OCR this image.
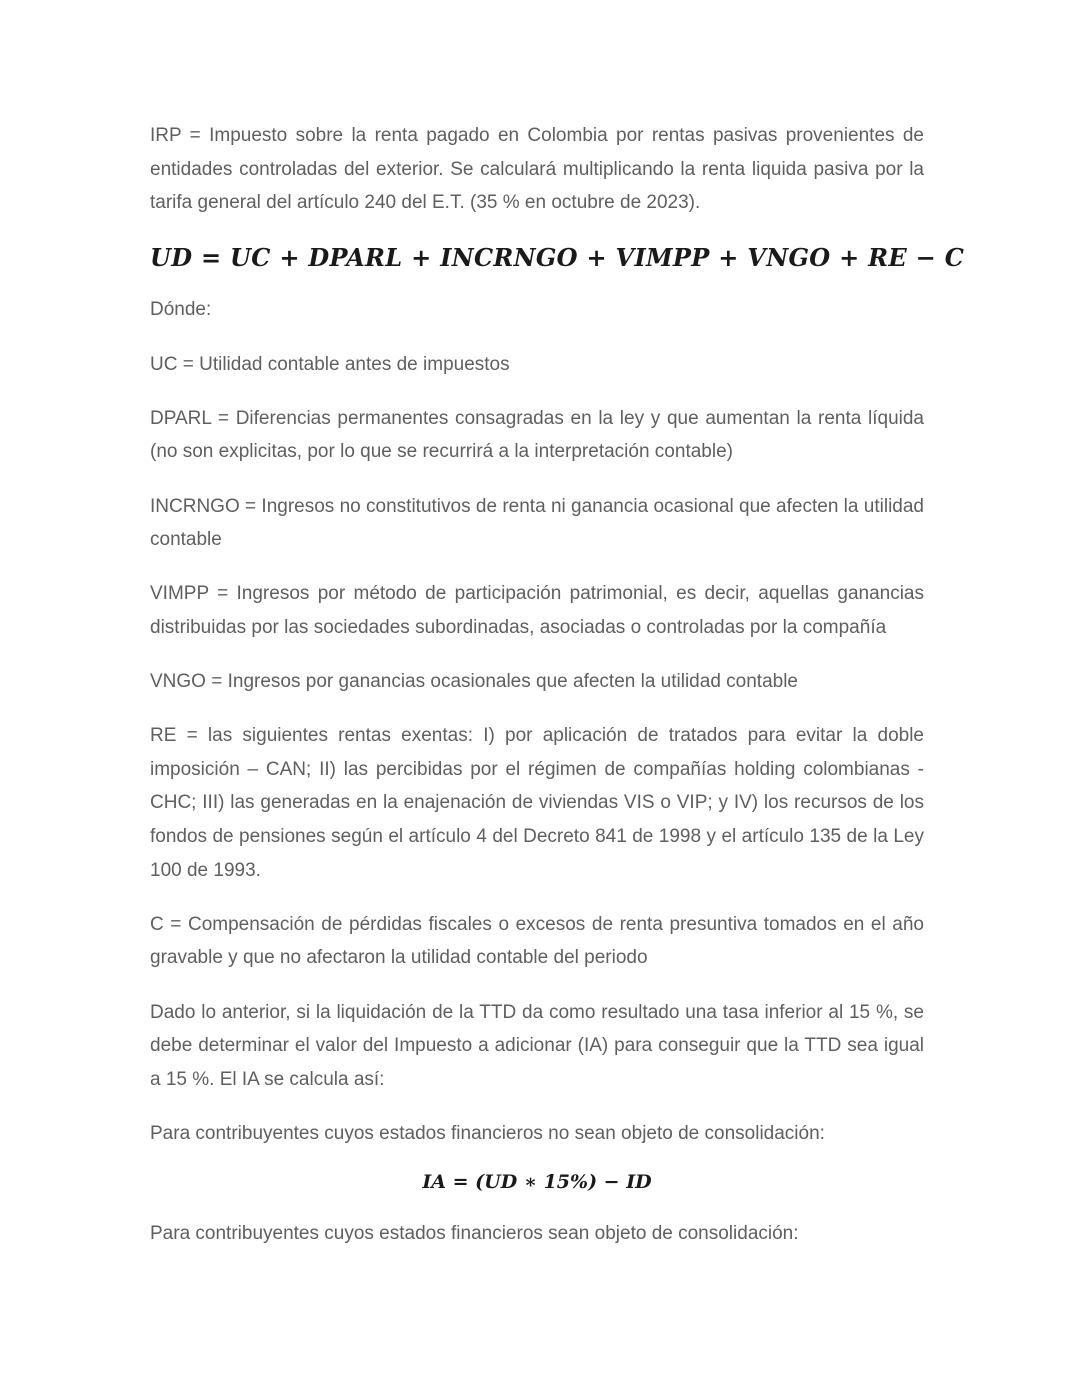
IRP = Impuesto sobre la renta pagado en Colombia por rentas pasivas provenientes de entidades controladas del exterior. Se calculará multiplicando la renta liquida pasiva por la tarifa general del artículo 240 del E.T. (35 % en octubre de 2023).

UD = UC + DPARL + INCRNGO + VIMPP + VNGO + RE − C

Dónde:

UC = Utilidad contable antes de impuestos

DPARL = Diferencias permanentes consagradas en la ley y que aumentan la renta líquida (no son explicitas, por lo que se recurrirá a la interpretación contable)

INCRNGO = Ingresos no constitutivos de renta ni ganancia ocasional que afecten la utilidad contable

VIMPP = Ingresos por método de participación patrimonial, es decir, aquellas ganancias distribuidas por las sociedades subordinadas, asociadas o controladas por la compañía

VNGO = Ingresos por ganancias ocasionales que afecten la utilidad contable

RE = las siguientes rentas exentas: I) por aplicación de tratados para evitar la doble imposición – CAN; II) las percibidas por el régimen de compañías holding colombianas - CHC; III) las generadas en la enajenación de viviendas VIS o VIP; y IV) los recursos de los fondos de pensiones según el artículo 4 del Decreto 841 de 1998 y el artículo 135 de la Ley 100 de 1993.

C = Compensación de pérdidas fiscales o excesos de renta presuntiva tomados en el año gravable y que no afectaron la utilidad contable del periodo

Dado lo anterior, si la liquidación de la TTD da como resultado una tasa inferior al 15 %, se debe determinar el valor del Impuesto a adicionar (IA) para conseguir que la TTD sea igual a 15 %. El IA se calcula así:

Para contribuyentes cuyos estados financieros no sean objeto de consolidación:

IA = (UD ∗ 15%) − ID

Para contribuyentes cuyos estados financieros sean objeto de consolidación:
